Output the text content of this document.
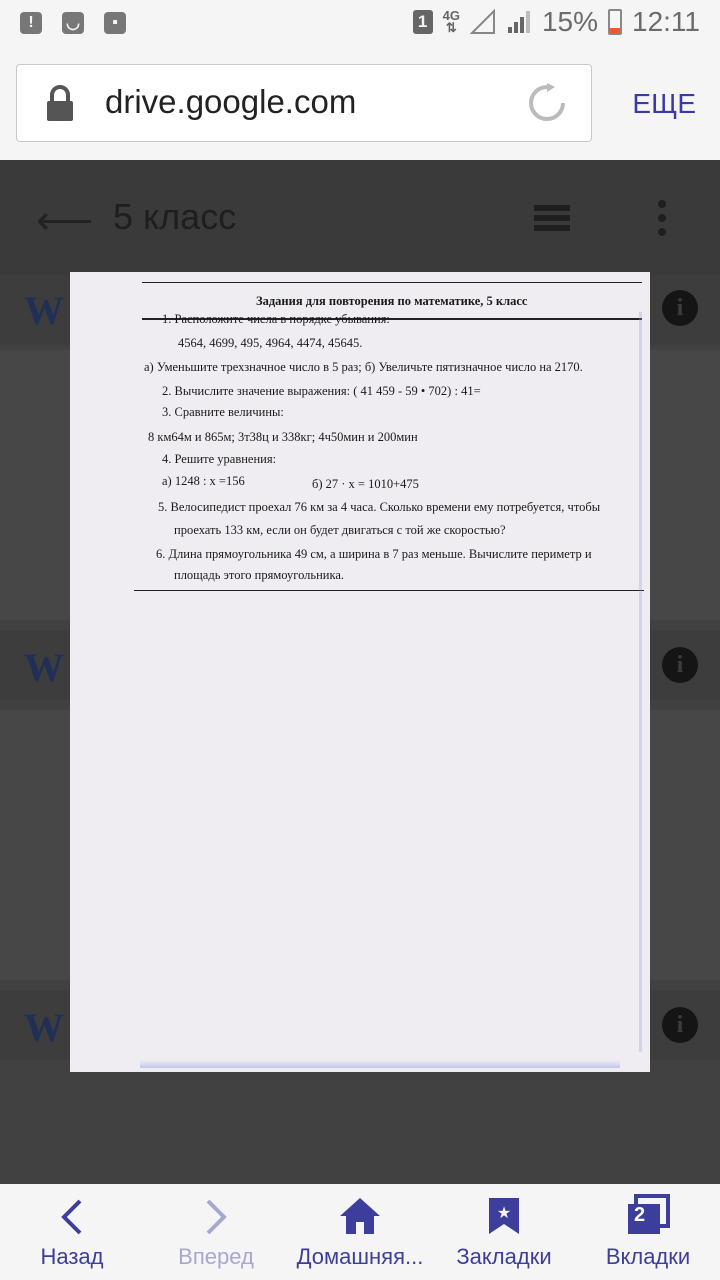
!	◡	▪	1	4G
⇅	15% 12:11
drive.google.com	ЕЩЕ
⟵ 5 класс
W	i
W	i
W	i
Задания для повторения по математике, 5 класс
1. Расположите числа в порядке убывания:
4564, 4699, 495, 4964, 4474, 45645.
а) Уменьшите трехзначное число в 5 раз; б) Увеличьте пятизначное число на 2170.
2. Вычислите значение выражения: ( 41 459 - 59 • 702) : 41=
3. Сравните величины:
8 км64м и 865м; 3т38ц и 338кг; 4ч50мин и 200мин
4. Решите уравнения:
а) 1248 : x =156	б) 27 · x = 1010+475
5. Велосипедист проехал 76 км за 4 часа. Сколько времени ему потребуется, чтобы
проехать 133 км, если он будет двигаться с той же скоростью?
6. Длина прямоугольника 49 см, а ширина в 7 раз меньше. Вычислите периметр и
площадь этого прямоугольника.
Назад	Вперед	Домашняя...
★
Закладки
2
Вкладки
